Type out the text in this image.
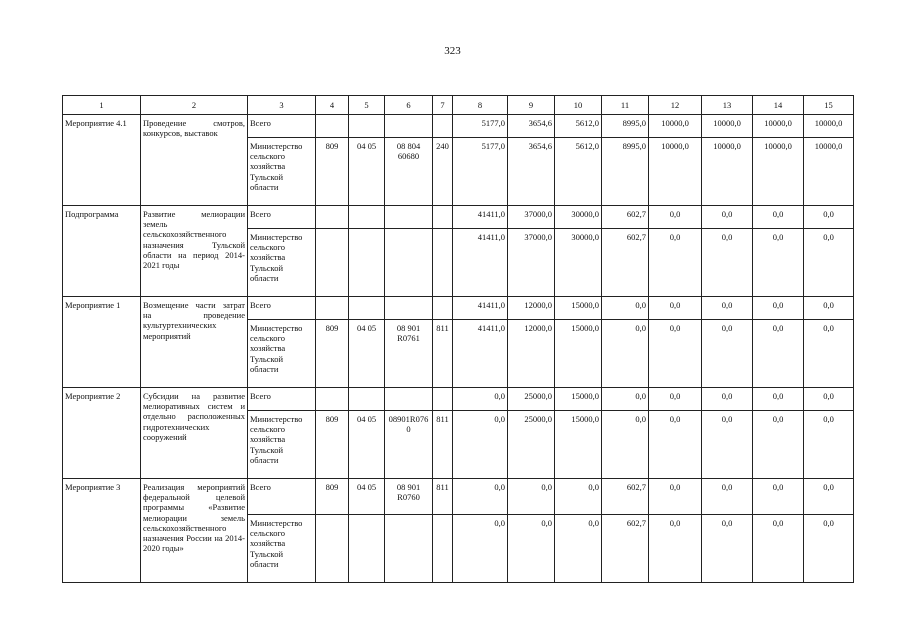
323
1	2	3	4	5	6	7	8	9	10	11	12	13	14	15
Мероприятие 4.1	Проведение смотров, конкурсов, выставок	Всего					5177,0	3654,6	5612,0	8995,0	10000,0	10000,0	10000,0	10000,0
		Министерство сельского хозяйства Тульской области	809	04 05	08 804 60680	240	5177,0	3654,6	5612,0	8995,0	10000,0	10000,0	10000,0	10000,0
Подпрограмма	Развитие мелиорации земель сельскохозяйственного назначения Тульской области на период 2014-2021 годы	Всего					41411,0	37000,0	30000,0	602,7	0,0	0,0	0,0	0,0
		Министерство сельского хозяйства Тульской области					41411,0	37000,0	30000,0	602,7	0,0	0,0	0,0	0,0
Мероприятие 1	Возмещение части затрат на проведение культуртехнических мероприятий	Всего					41411,0	12000,0	15000,0	0,0	0,0	0,0	0,0	0,0
		Министерство сельского хозяйства Тульской области	809	04 05	08 901 R0761	811	41411,0	12000,0	15000,0	0,0	0,0	0,0	0,0	0,0
Мероприятие 2	Субсидии на развитие мелиоративных систем и отдельно расположенных гидротехнических сооружений	Всего					0,0	25000,0	15000,0	0,0	0,0	0,0	0,0	0,0
		Министерство сельского хозяйства Тульской области	809	04 05	08901R0760	811	0,0	25000,0	15000,0	0,0	0,0	0,0	0,0	0,0
Мероприятие 3	Реализация мероприятий федеральной целевой программы «Развитие мелиорации земель сельскохозяйственного назначения России на 2014-2020 годы»	Всего	809	04 05	08 901 R0760	811	0,0	0,0	0,0	602,7	0,0	0,0	0,0	0,0
		Министерство сельского хозяйства Тульской области					0,0	0,0	0,0	602,7	0,0	0,0	0,0	0,0
